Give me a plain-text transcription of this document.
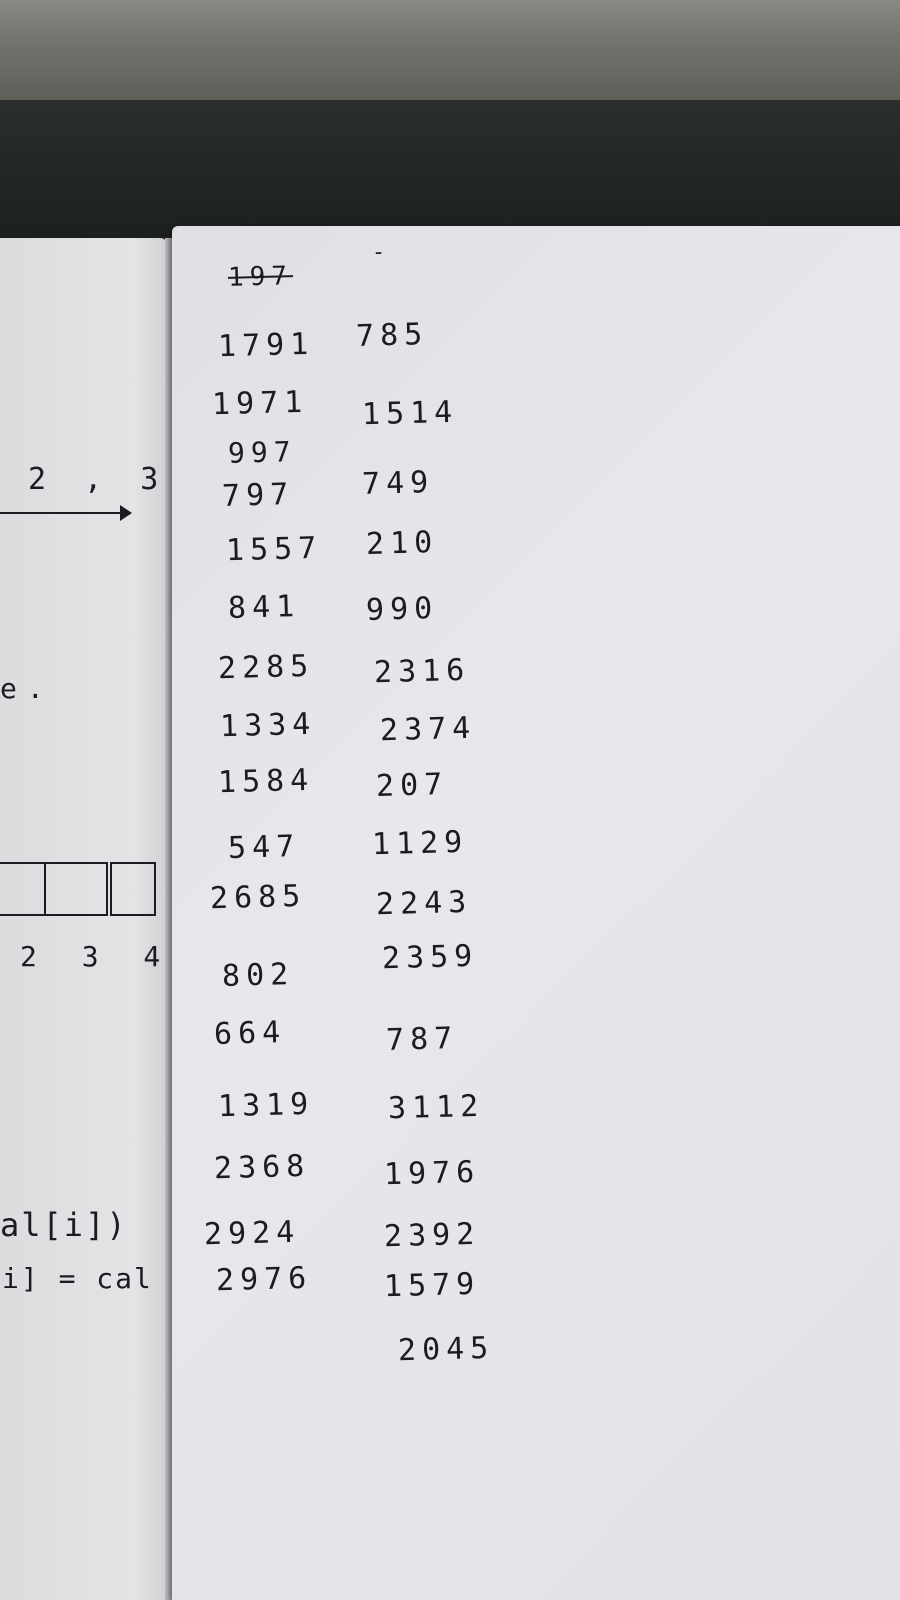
2 , 3
e.
2 3 4
al[i])
i] = cal
197
-
1791 785
1971 1514
997
797 749
1557 210
841 990
2285 2316
1334 2374
1584 207
547 1129
2685 2243
802	2359
664	787
1319 3112
2368 1976
2924	2392
2976 1579
2045
